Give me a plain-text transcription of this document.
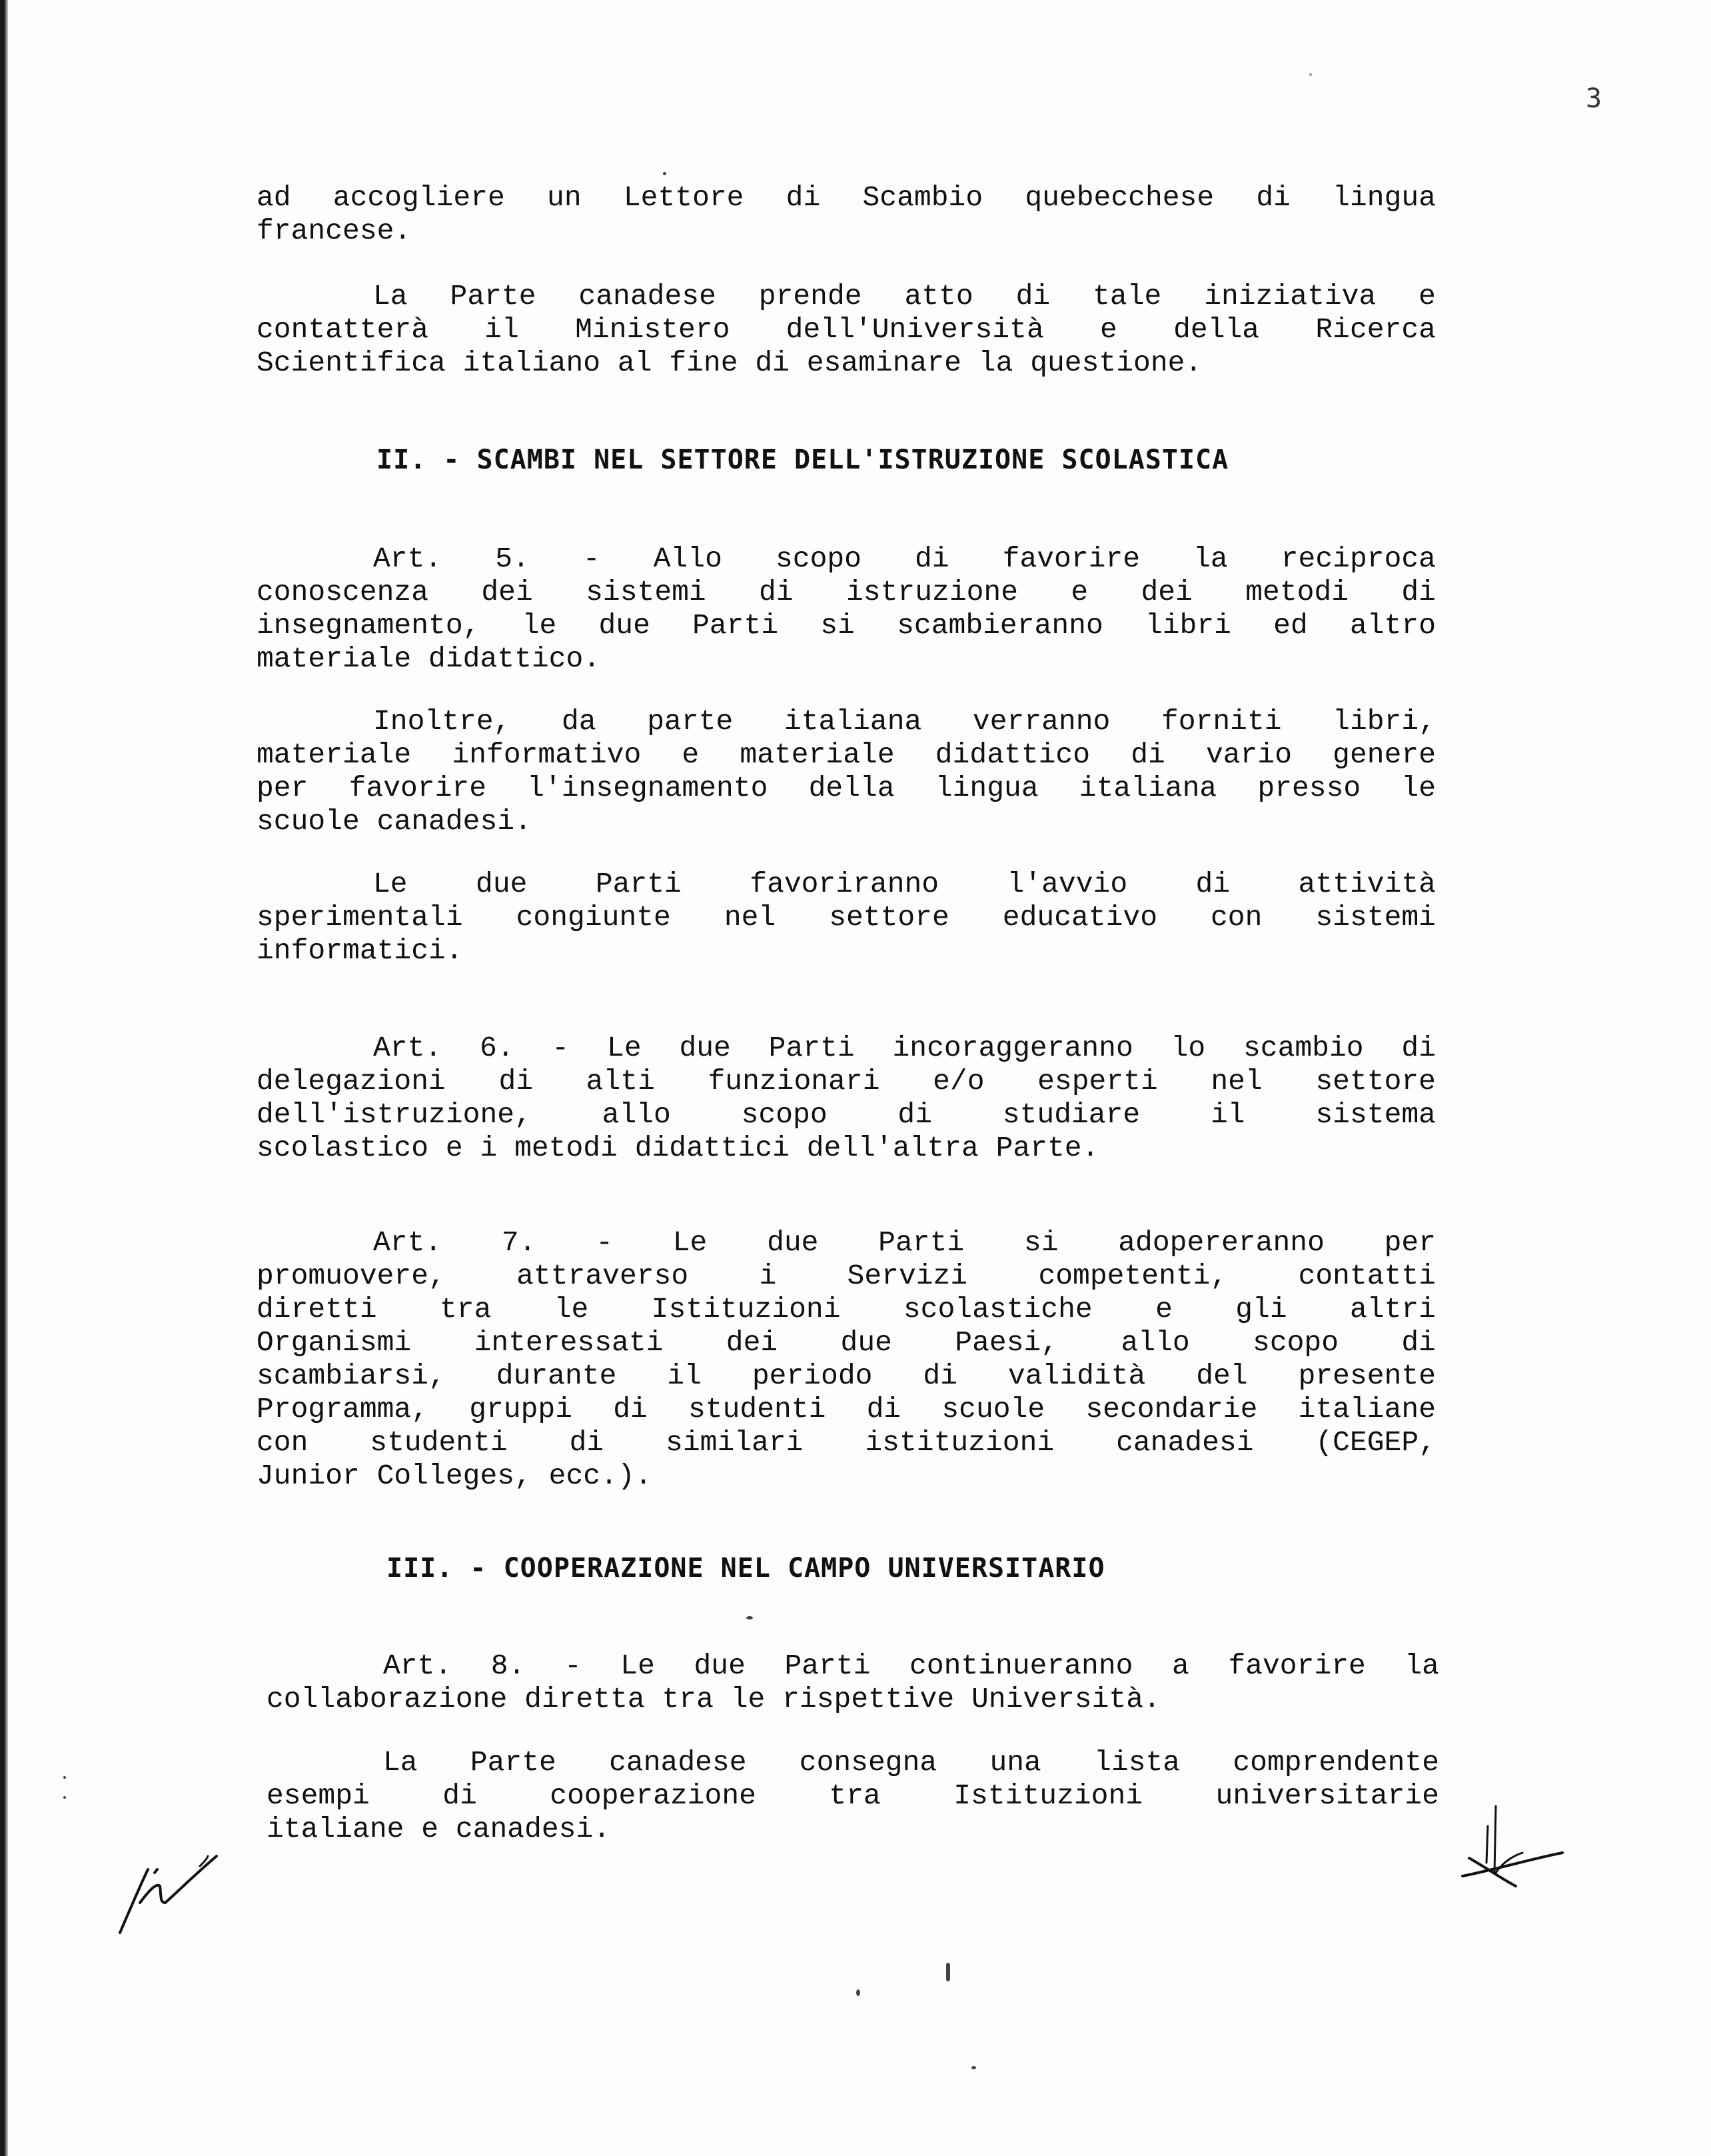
3
ad accogliere un Lettore di Scambio quebecchese di lingua
francese.
La Parte canadese prende atto di tale iniziativa e
contatterà il Ministero dell'Università e della Ricerca
Scientifica italiano al fine di esaminare la questione.
II. - SCAMBI NEL SETTORE DELL'ISTRUZIONE SCOLASTICA
Art. 5. - Allo scopo di favorire la reciproca
conoscenza dei sistemi di istruzione e dei metodi di
insegnamento, le due Parti si scambieranno libri ed altro
materiale didattico.
Inoltre, da parte italiana verranno forniti libri,
materiale informativo e materiale didattico di vario genere
per favorire l'insegnamento della lingua italiana presso le
scuole canadesi.
Le due Parti favoriranno l'avvio di attività
sperimentali congiunte nel settore educativo con sistemi
informatici.
Art. 6. - Le due Parti incoraggeranno lo scambio di
delegazioni di alti funzionari e/o esperti nel settore
dell'istruzione, allo scopo di studiare il sistema
scolastico e i metodi didattici dell'altra Parte.
Art. 7. - Le due Parti si adopereranno per
promuovere, attraverso i Servizi competenti, contatti
diretti tra le Istituzioni scolastiche e gli altri
Organismi interessati dei due Paesi, allo scopo di
scambiarsi, durante il periodo di validità del presente
Programma, gruppi di studenti di scuole secondarie italiane
con studenti di similari istituzioni canadesi (CEGEP,
Junior Colleges, ecc.).
III. - COOPERAZIONE NEL CAMPO UNIVERSITARIO
Art. 8. - Le due Parti continueranno a favorire la
collaborazione diretta tra le rispettive Università.
La Parte canadese consegna una lista comprendente
esempi di cooperazione tra Istituzioni universitarie
italiane e canadesi.
